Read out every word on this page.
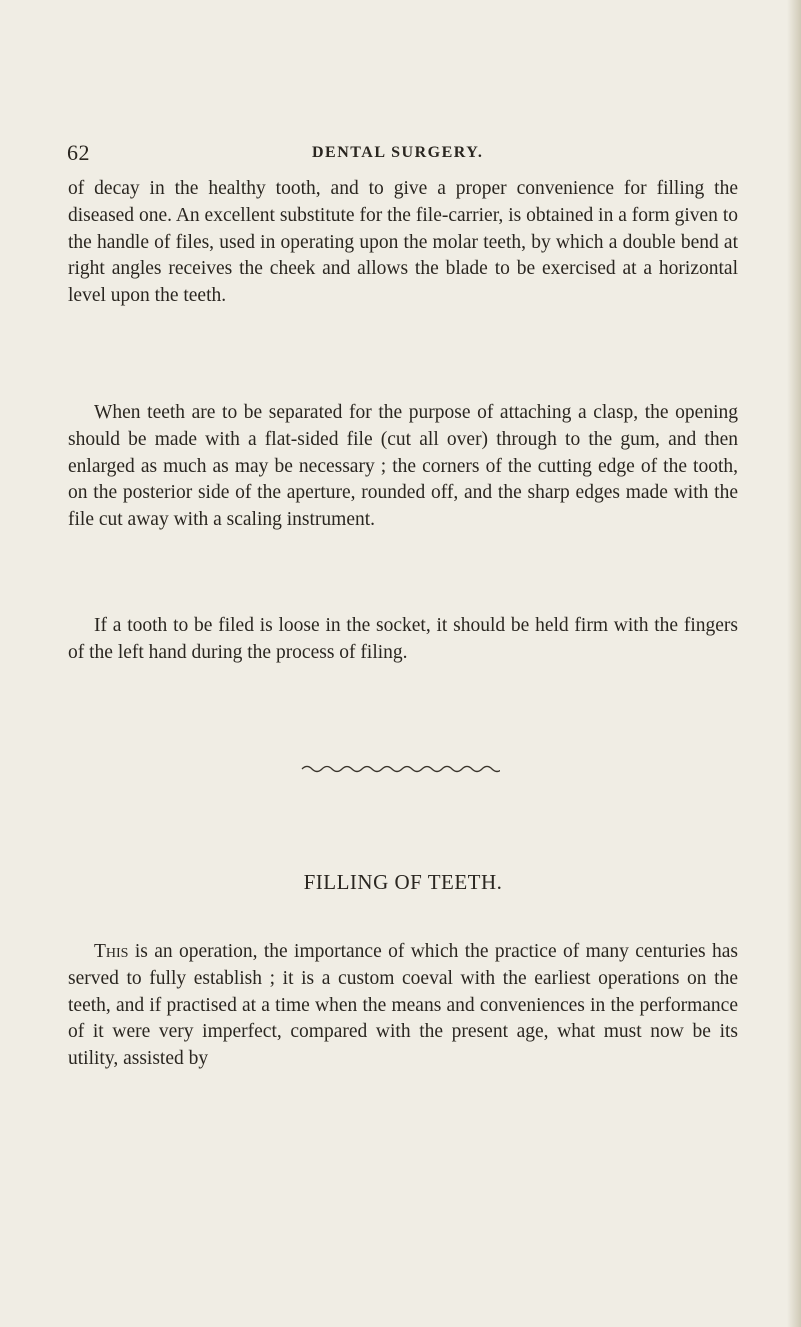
62	DENTAL SURGERY.

of decay in the healthy tooth, and to give a proper convenience for filling the diseased one. An excellent substitute for the file-carrier, is obtained in a form given to the handle of files, used in operating upon the molar teeth, by which a double bend at right angles receives the cheek and allows the blade to be exercised at a horizontal level upon the teeth.

When teeth are to be separated for the purpose of attaching a clasp, the opening should be made with a flat-sided file (cut all over) through to the gum, and then enlarged as much as may be necessary ; the corners of the cutting edge of the tooth, on the posterior side of the aperture, rounded off, and the sharp edges made with the file cut away with a scaling instrument.

If a tooth to be filed is loose in the socket, it should be held firm with the fingers of the left hand during the process of filing.

FILLING OF TEETH.

This is an operation, the importance of which the practice of many centuries has served to fully establish ; it is a custom coeval with the earliest operations on the teeth, and if practised at a time when the means and conveniences in the performance of it were very imperfect, compared with the present age, what must now be its utility, assisted by
